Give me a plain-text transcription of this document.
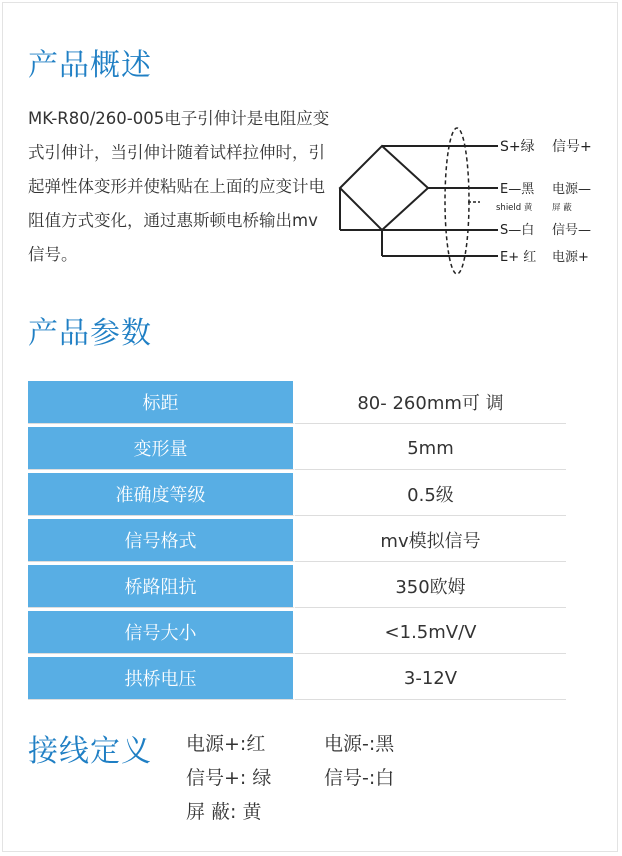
产品概述

MK-R80/260-005电子引伸计是电阻应变式引伸计，当引伸计随着试样拉伸时，引起弹性体变形并使粘贴在上面的应变计电阻值方式变化，通过惠斯顿电桥输出mv信号。

S+绿 信号+
E—黑 电源—
shield 黄 屏 蔽
S—白 信号—
E+ 红 电源+
产品参数
标距	80- 260mm可 调
变形量	5mm
准确度等级	0.5级
信号格式	mv模拟信号
桥路阻抗	350欧姆
信号大小	<1.5mV/V
拱桥电压	3-12V
接线定义 电源+:红	电源-:黑
信号+: 绿	信号-:白
屏 蔽: 黄
